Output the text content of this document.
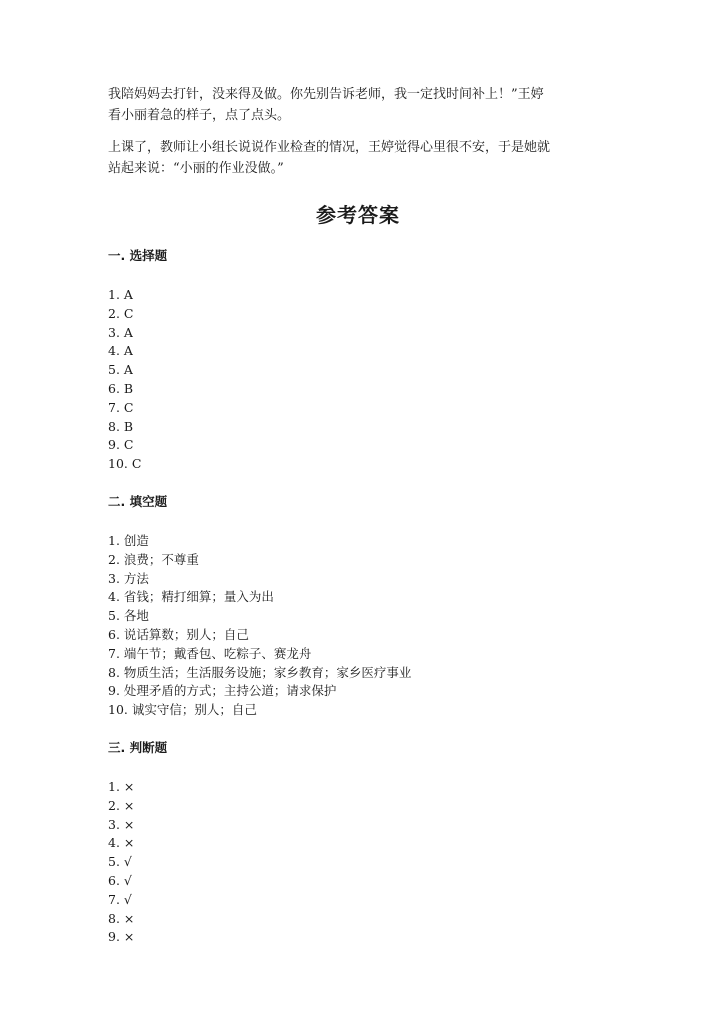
我陪妈妈去打针，没来得及做。你先别告诉老师，我一定找时间补上！”王婷

看小丽着急的样子，点了点头。

上课了，教师让小组长说说作业检查的情况，王婷觉得心里很不安，于是她就

站起来说：“小丽的作业没做。”

参考答案
一. 选择题
1. A
2. C
3. A
4. A
5. A
6. B
7. C
8. B
9. C
10. C
二. 填空题
1. 创造
2. 浪费；不尊重
3. 方法
4. 省钱；精打细算；量入为出
5. 各地
6. 说话算数；别人；自己
7. 端午节；戴香包、吃粽子、赛龙舟
8. 物质生活；生活服务设施；家乡教育；家乡医疗事业
9. 处理矛盾的方式；主持公道；请求保护
10. 诚实守信；别人；自己
三. 判断题
1. ×
2. ×
3. ×
4. ×
5. √
6. √
7. √
8. ×
9. ×
